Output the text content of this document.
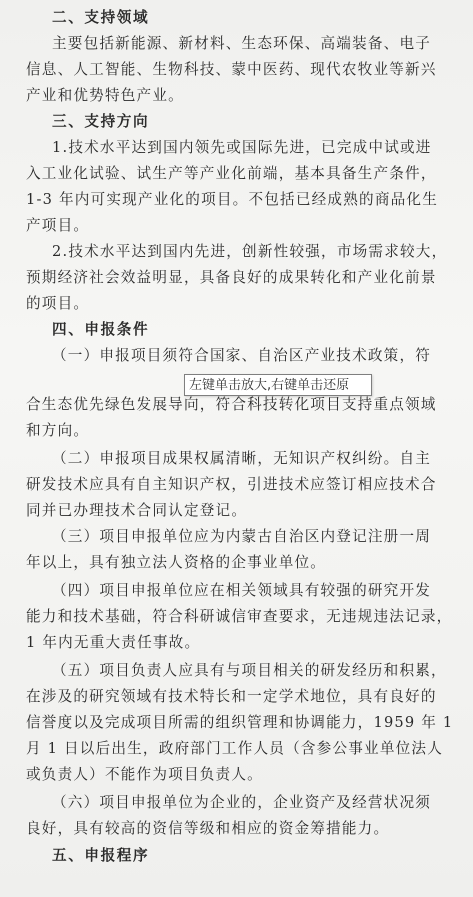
二、支持领域
主要包括新能源、新材料、生态环保、高端装备、电子
信息、人工智能、生物科技、蒙中医药、现代农牧业等新兴
产业和优势特色产业。
三、支持方向
1.技术水平达到国内领先或国际先进，已完成中试或进
入工业化试验、试生产等产业化前端，基本具备生产条件，
1-3 年内可实现产业化的项目。不包括已经成熟的商品化生
产项目。
2.技术水平达到国内先进，创新性较强，市场需求较大，
预期经济社会效益明显，具备良好的成果转化和产业化前景
的项目。
四、申报条件
（一）申报项目须符合国家、自治区产业技术政策，符
合生态优先绿色发展导向，符合科技转化项目支持重点领域
和方向。
（二）申报项目成果权属清晰，无知识产权纠纷。自主
研发技术应具有自主知识产权，引进技术应签订相应技术合
同并已办理技术合同认定登记。
（三）项目申报单位应为内蒙古自治区内登记注册一周
年以上，具有独立法人资格的企事业单位。
（四）项目申报单位应在相关领域具有较强的研究开发
能力和技术基础，符合科研诚信审查要求，无违规违法记录，
1 年内无重大责任事故。
（五）项目负责人应具有与项目相关的研发经历和积累，
在涉及的研究领域有技术特长和一定学术地位，具有良好的
信誉度以及完成项目所需的组织管理和协调能力，1959 年 1
月 1 日以后出生，政府部门工作人员（含参公事业单位法人
或负责人）不能作为项目负责人。
（六）项目申报单位为企业的，企业资产及经营状况须
良好，具有较高的资信等级和相应的资金筹措能力。
五、申报程序
左键单击放大,右键单击还原
